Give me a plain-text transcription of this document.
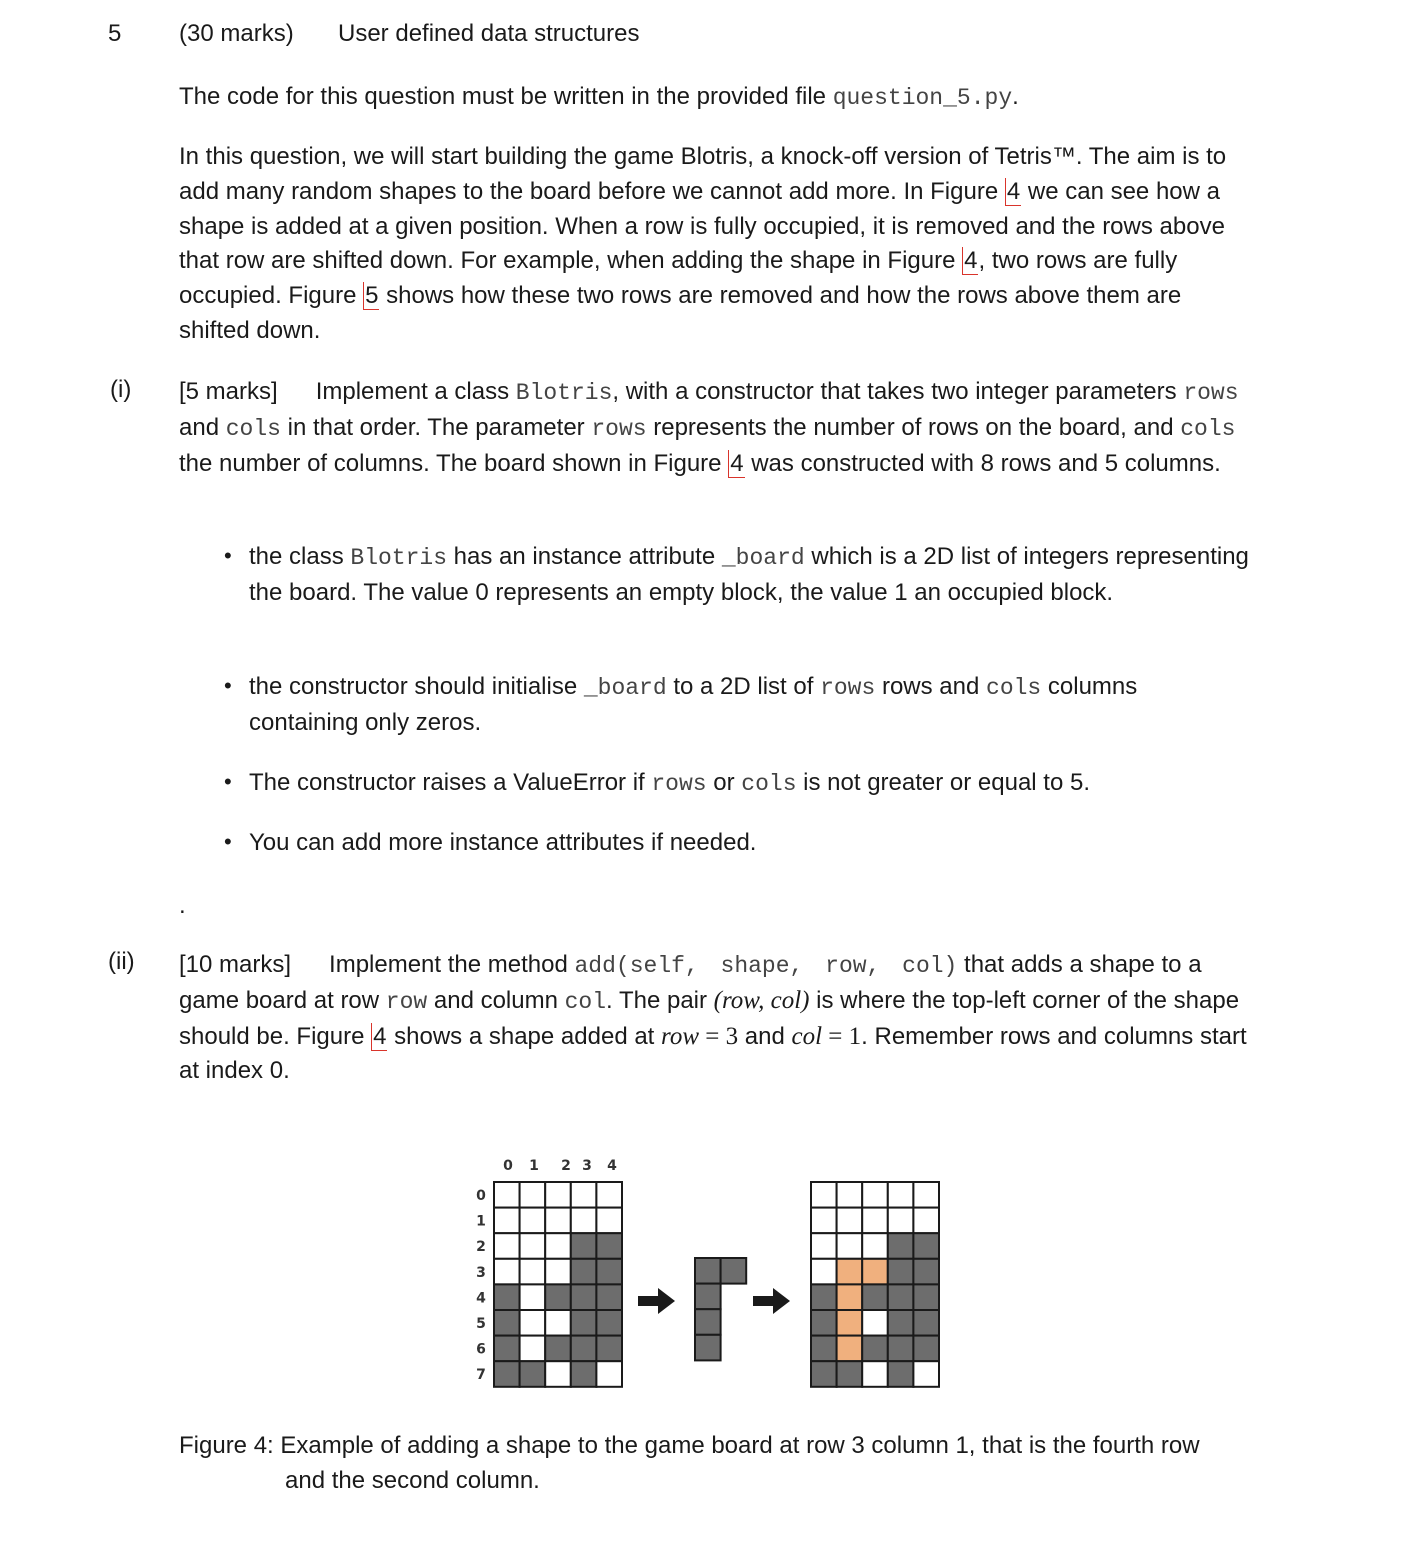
5 (30 marks) User defined data structures
The code for this question must be written in the provided file question_5.py.
In this question, we will start building the game Blotris, a knock-off version of Tetris™. The aim is to add many random shapes to the board before we cannot add more. In Figure 4 we can see how a shape is added at a given position. When a row is fully occupied, it is removed and the rows above that row are shifted down. For example, when adding the shape in Figure 4, two rows are fully occupied. Figure 5 shows how these two rows are removed and how the rows above them are shifted down.
(i) [5 marks] Implement a class Blotris, with a constructor that takes two integer parameters rows and cols in that order. The parameter rows represents the number of rows on the board, and cols the number of columns. The board shown in Figure 4 was constructed with 8 rows and 5 columns.
• the class Blotris has an instance attribute _board which is a 2D list of integers representing the board. The value 0 represents an empty block, the value 1 an occupied block.
• the constructor should initialise _board to a 2D list of rows rows and cols columns containing only zeros.
• The constructor raises a ValueError if rows or cols is not greater or equal to 5.
• You can add more instance attributes if needed.
.
(ii) [10 marks] Implement the method add(self, shape, row, col) that adds a shape to a game board at row row and column col. The pair (row, col) is where the top-left corner of the shape should be. Figure 4 shows a shape added at row = 3 and col = 1. Remember rows and columns start at index 0.
0 1 2 3 4
0
1
2
3
4
5
6
7
Figure 4: Example of adding a shape to the game board at row 3 column 1, that is the fourth row
and the second column.
